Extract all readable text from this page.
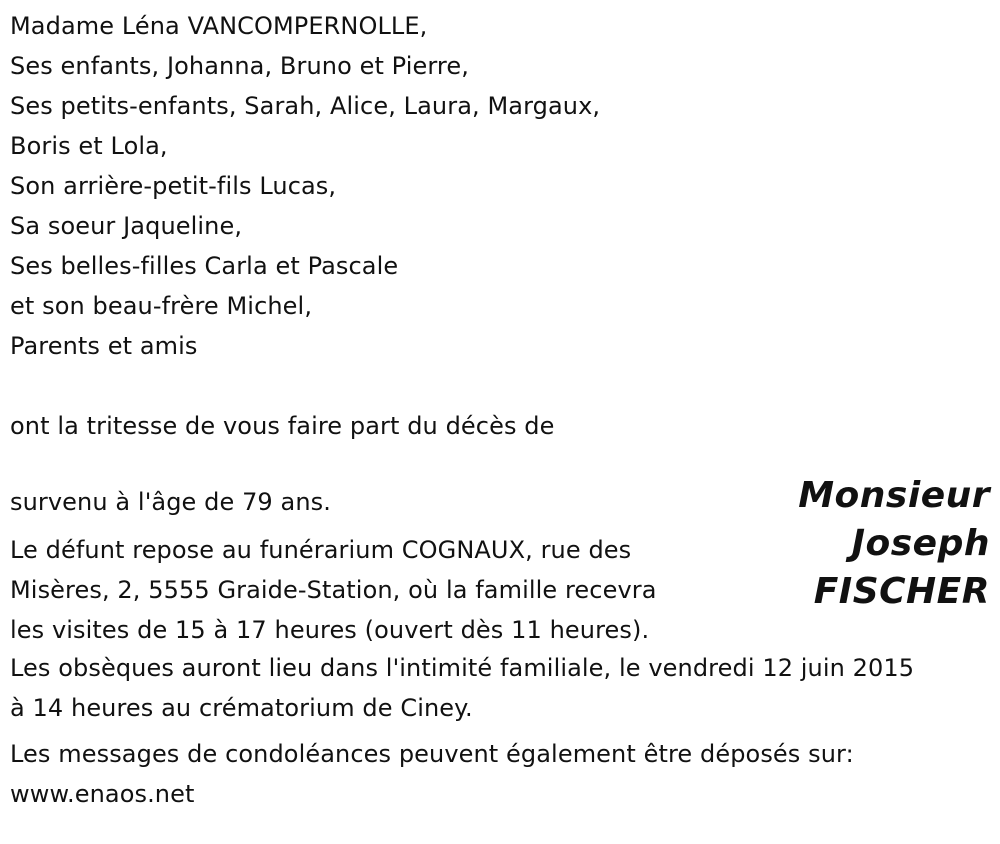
Madame Léna VANCOMPERNOLLE,
Ses enfants, Johanna, Bruno et Pierre,
Ses petits-enfants, Sarah, Alice, Laura, Margaux,
Boris et Lola,
Son arrière-petit-fils Lucas,
Sa soeur Jaqueline,
Ses belles-filles Carla et Pascale
et son beau-frère Michel,
Parents et amis
ont la tritesse de vous faire part du décès de
survenu à l'âge de 79 ans.
Le défunt repose au funérarium COGNAUX, rue des
Misères, 2, 5555 Graide-Station, où la famille recevra
les visites de 15 à 17 heures (ouvert dès 11 heures).
Monsieur
Joseph
FISCHER
Les obsèques auront lieu dans l'intimité familiale, le vendredi 12 juin 2015
à 14 heures au crématorium de Ciney.
Les messages de condoléances peuvent également être déposés sur:
www.enaos.net
